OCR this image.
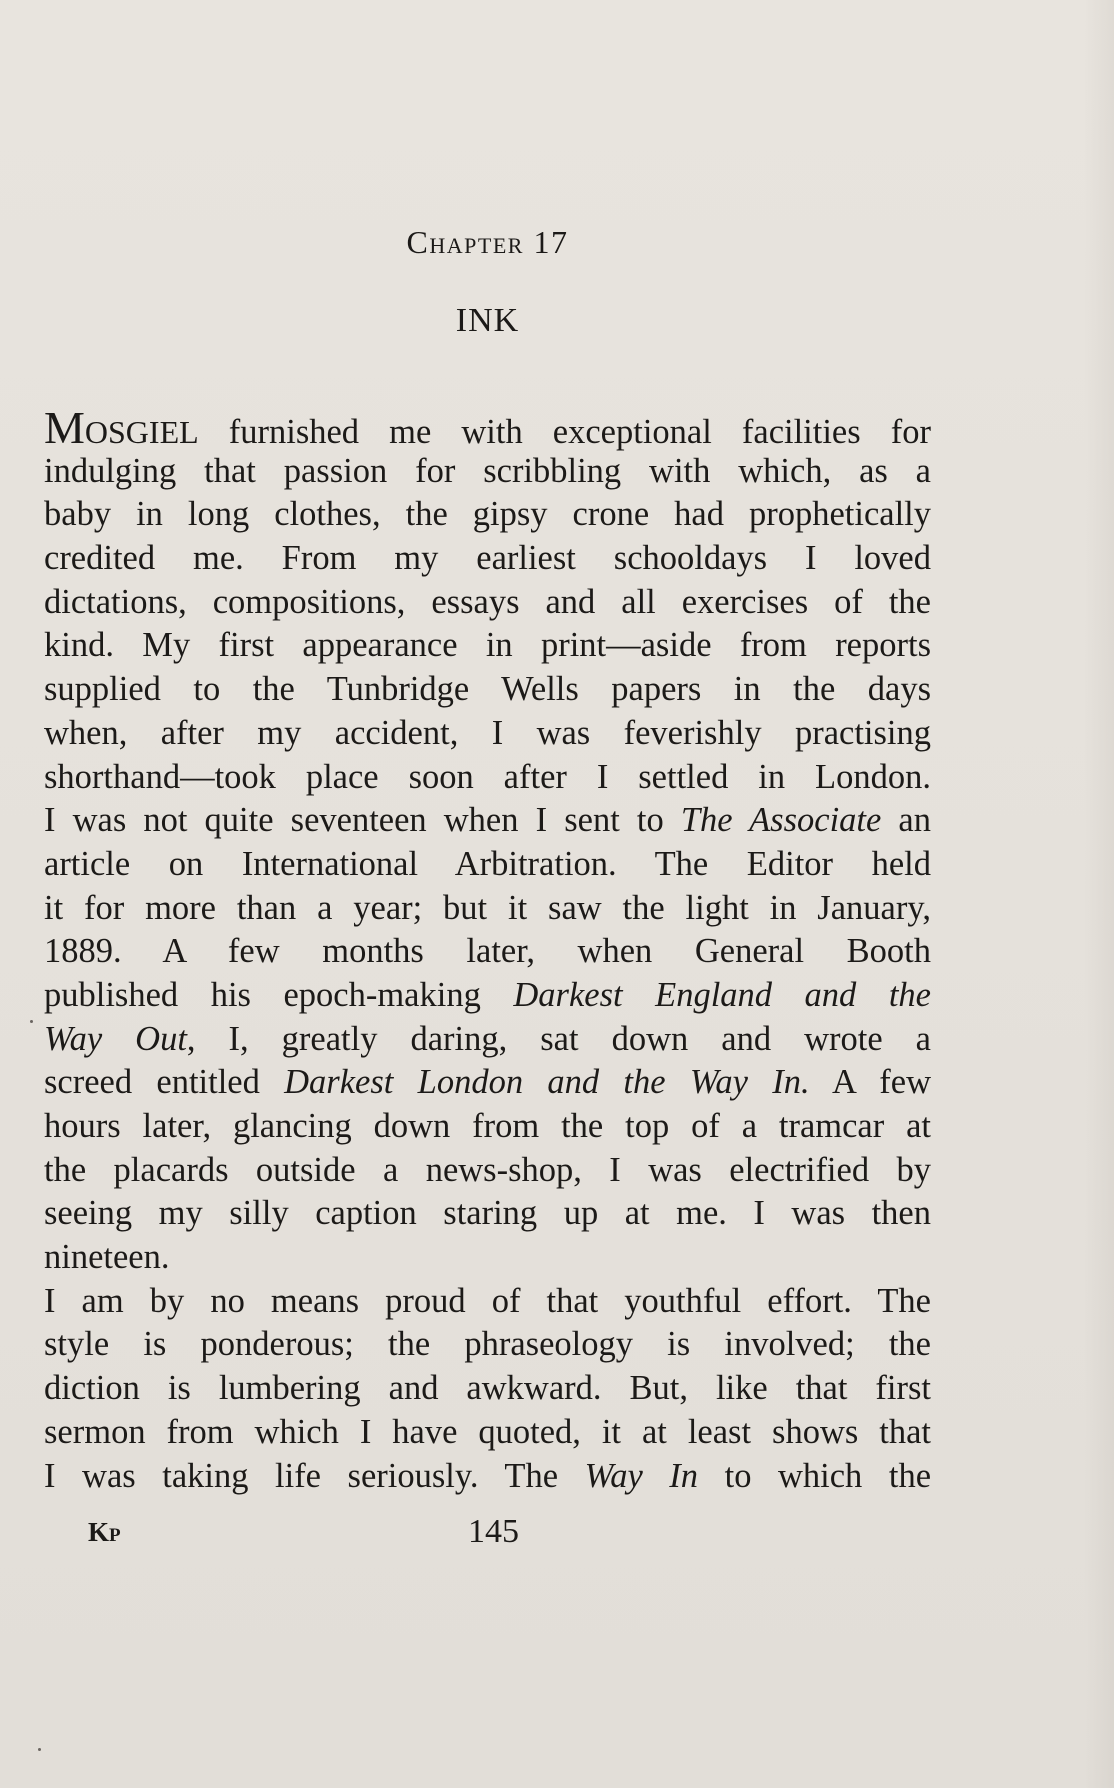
Chapter 17
INK
Mosgiel furnished me with exceptional facilities for
indulging that passion for scribbling with which, as a
baby in long clothes, the gipsy crone had prophetically
credited me. From my earliest schooldays I loved
dictations, compositions, essays and all exercises of the
kind. My first appearance in print—aside from reports
supplied to the Tunbridge Wells papers in the days
when, after my accident, I was feverishly practising
shorthand—took place soon after I settled in London.
I was not quite seventeen when I sent to The Associate an
article on International Arbitration. The Editor held
it for more than a year; but it saw the light in January,
1889. A few months later, when General Booth
published his epoch-making Darkest England and the
Way Out, I, greatly daring, sat down and wrote a
screed entitled Darkest London and the Way In. A few
hours later, glancing down from the top of a tramcar at
the placards outside a news-shop, I was electrified by
seeing my silly caption staring up at me. I was then
nineteen.
I am by no means proud of that youthful effort. The
style is ponderous; the phraseology is involved; the
diction is lumbering and awkward. But, like that first
sermon from which I have quoted, it at least shows that
I was taking life seriously. The Way In to which the
Kp	145
